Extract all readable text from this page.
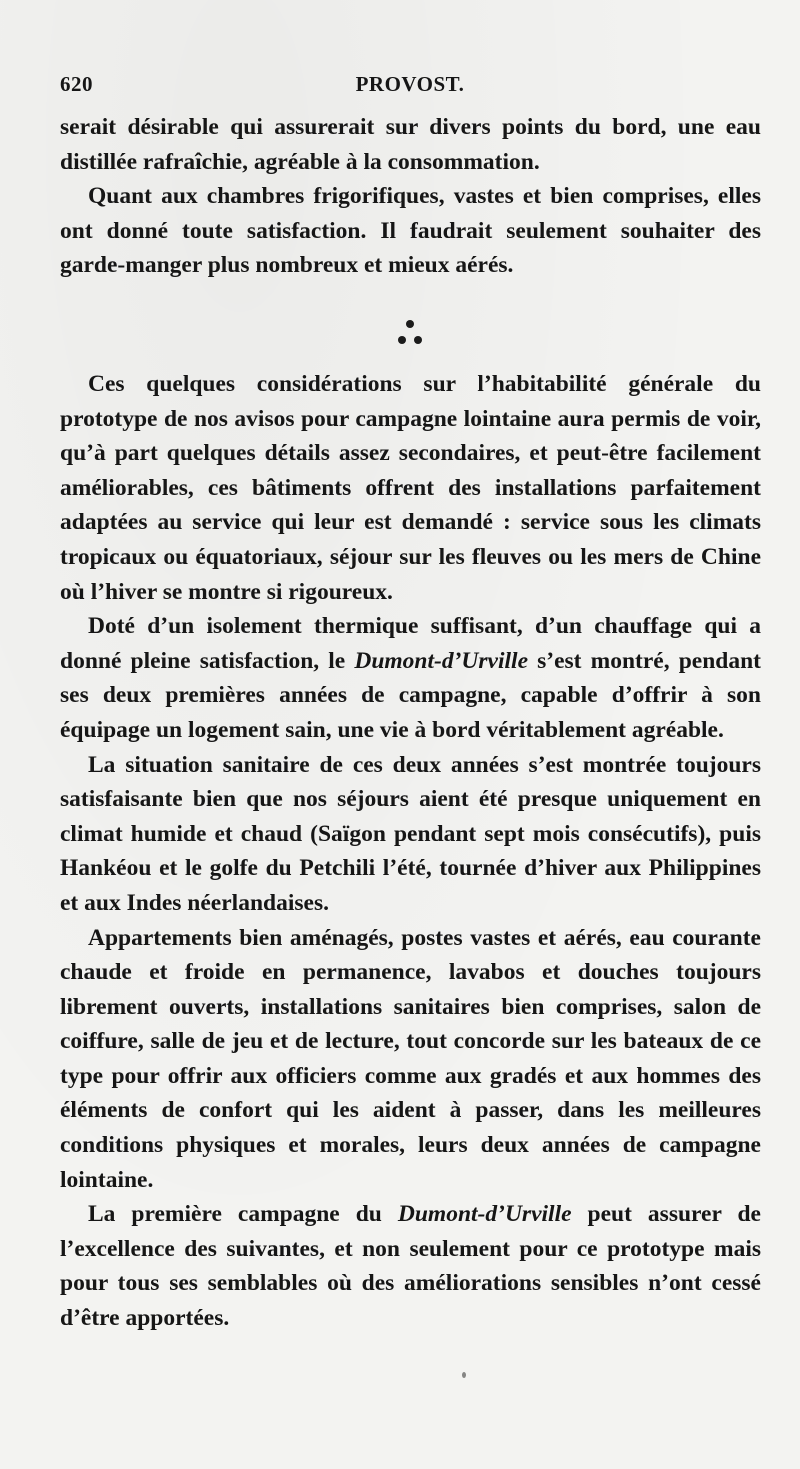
620	PROVOST.

serait désirable qui assurerait sur divers points du bord, une eau distillée rafraîchie, agréable à la consommation.

Quant aux chambres frigorifiques, vastes et bien comprises, elles ont donné toute satisfaction. Il faudrait seulement souhaiter des garde-manger plus nombreux et mieux aérés.

Ces quelques considérations sur l’habitabilité générale du prototype de nos avisos pour campagne lointaine aura permis de voir, qu’à part quelques détails assez secondaires, et peut-être facilement améliorables, ces bâtiments offrent des installations parfaitement adaptées au service qui leur est demandé : service sous les climats tropicaux ou équatoriaux, séjour sur les fleuves ou les mers de Chine où l’hiver se montre si rigoureux.

Doté d’un isolement thermique suffisant, d’un chauffage qui a donné pleine satisfaction, le Dumont-d’Urville s’est montré, pendant ses deux premières années de campagne, capable d’offrir à son équipage un logement sain, une vie à bord véritablement agréable.

La situation sanitaire de ces deux années s’est montrée toujours satisfaisante bien que nos séjours aient été presque uniquement en climat humide et chaud (Saïgon pendant sept mois consécutifs), puis Hankéou et le golfe du Petchili l’été, tournée d’hiver aux Philippines et aux Indes néerlandaises.

Appartements bien aménagés, postes vastes et aérés, eau courante chaude et froide en permanence, lavabos et douches toujours librement ouverts, installations sanitaires bien comprises, salon de coiffure, salle de jeu et de lecture, tout concorde sur les bateaux de ce type pour offrir aux officiers comme aux gradés et aux hommes des éléments de confort qui les aident à passer, dans les meilleures conditions physiques et morales, leurs deux années de campagne lointaine.

La première campagne du Dumont-d’Urville peut assurer de l’excellence des suivantes, et non seulement pour ce prototype mais pour tous ses semblables où des améliorations sensibles n’ont cessé d’être apportées.
